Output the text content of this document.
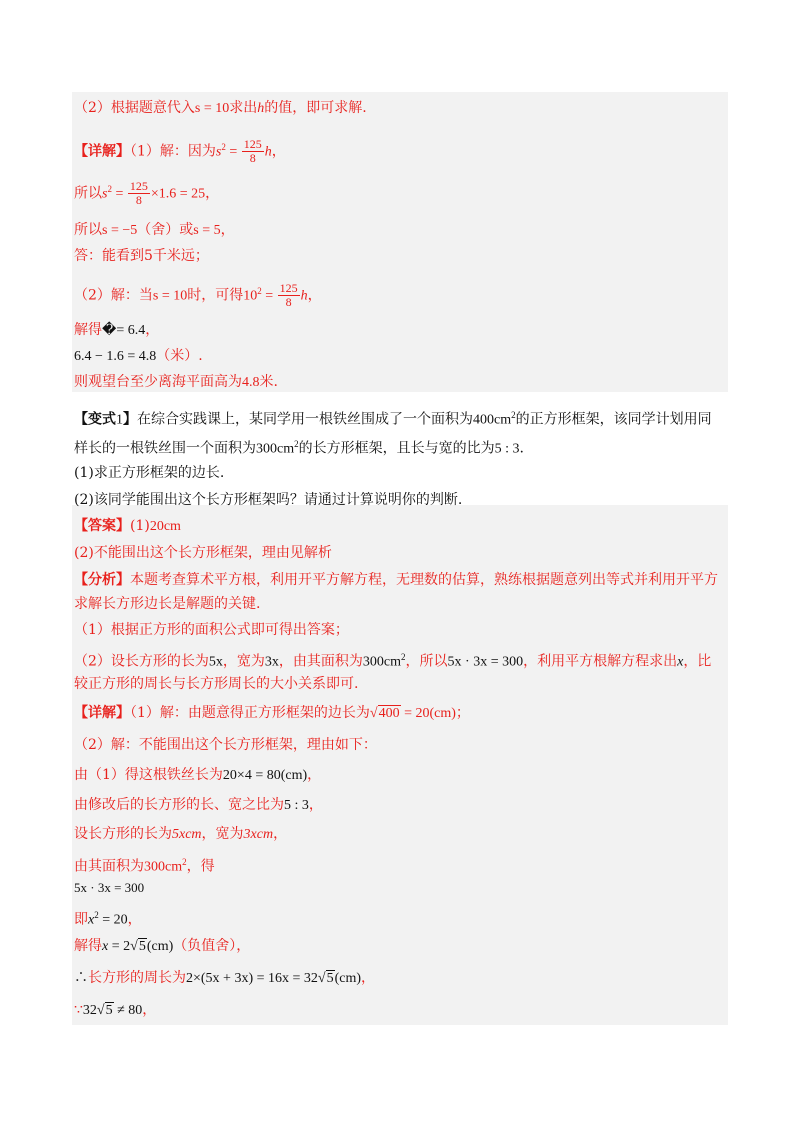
（2）根据题意代入s = 10求出h的值，即可求解.
【详解】（1）解：因为$s^2 = \frac{125}{8}$ h，
所以$s^2 = \frac{125}{8} \times 1.6 = 25$，
所以s = −5（舍）或s = 5，
答：能看到5千米远；
（2）解：当s = 10时，可得$10^2 = \frac{125}{8}$ h，
解得�= 6.4，
6.4 − 1.6 = 4.8（米）.
则观望台至少离海平面高为4.8米.
【变式1】在综合实践课上，某同学用一根铁丝围成了一个面积为$400cm^2$的正方形框架，该同学计划用同
样长的一根铁丝围一个面积为$300cm^2$的长方形框架，且长与宽的比为5 : 3.
(1)求正方形框架的边长.
(2)该同学能围出这个长方形框架吗？请通过计算说明你的判断.
【答案】(1)20cm
(2)不能围出这个长方形框架，理由见解析
【分析】本题考查算术平方根，利用开平方解方程，无理数的估算，熟练根据题意列出等式并利用开平方
求解长方形边长是解题的关键.
（1）根据正方形的面积公式即可得出答案；
（2）设长方形的长为5x，宽为3x，由其面积为$300cm^2$，所以5x · 3x = 300，利用平方根解方程求出x，比
较正方形的周长与长方形周长的大小关系即可.
【详解】（1）解：由题意得正方形框架的边长为√400 = 20(cm)；
（2）解：不能围出这个长方形框架，理由如下：
由（1）得这根铁丝长为20×4 = 80(cm)，
由修改后的长方形的长、宽之比为5 : 3，
设长方形的长为5xcm，宽为3xcm，
由其面积为$300cm^2$，得
5x · 3x = 300
即$x^2 = 20$，
解得x = 2√5(cm)（负值舍），
∴长方形的周长为2×(5x + 3x) = 16x = 32√5(cm)，
∵32√5 ≠ 80，
